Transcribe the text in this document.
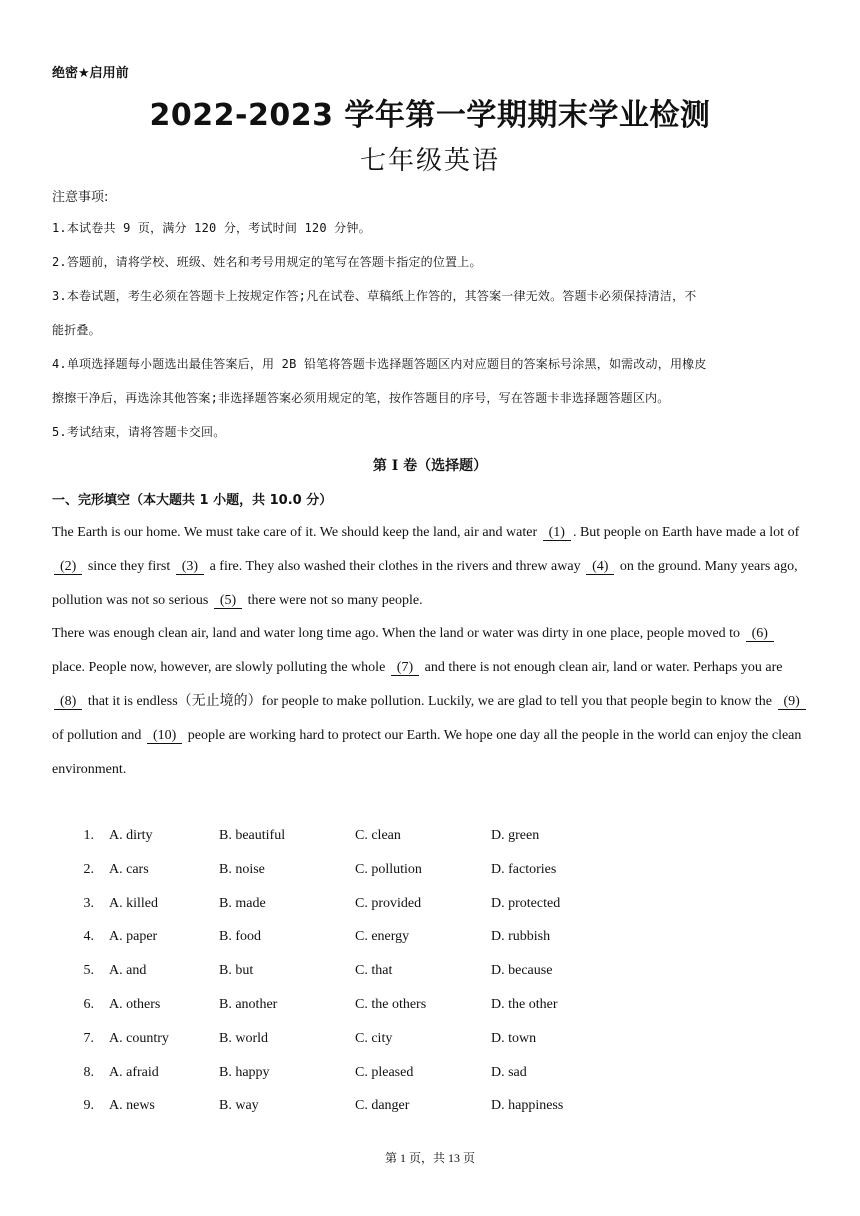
绝密★启用前
2022-2023 学年第一学期期末学业检测
七年级英语
注意事项:

1.本试卷共 9 页，满分 120 分，考试时间 120 分钟。

2.答题前，请将学校、班级、姓名和考号用规定的笔写在答题卡指定的位置上。

3.本卷试题，考生必须在答题卡上按规定作答;凡在试卷、草稿纸上作答的，其答案一律无效。答题卡必须保持清洁，不

能折叠。

4.单项选择题每小题选出最佳答案后，用 2B 铅笔将答题卡选择题答题区内对应题目的答案标号涂黑，如需改动，用橡皮

擦擦干净后，再选涂其他答案;非选择题答案必须用规定的笔，按作答题目的序号，写在答题卡非选择题答题区内。

5.考试结束，请将答题卡交回。

第 I 卷（选择题）
一、完形填空（本大题共 1 小题，共 10.0 分）

The Earth is our home. We must take care of it. We should keep the land, air and water (1) . But people on Earth have made a lot of (2) since they first (3) a fire. They also washed their clothes in the rivers and threw away (4) on the ground. Many years ago, pollution was not so serious (5) there were not so many people.

There was enough clean air, land and water long time ago. When the land or water was dirty in one place, people moved to (6) place. People now, however, are slowly polluting the whole (7) and there is not enough clean air, land or water. Perhaps you are (8) that it is endless（无止境的）for people to make pollution. Luckily, we are glad to tell you that people begin to know the (9) of pollution and (10) people are working hard to protect our Earth. We hope one day all the people in the world can enjoy the clean environment.

1. A. dirty	B. beautiful	C. clean	D. green
2. A. cars	B. noise	C. pollution	D. factories
3. A. killed	B. made	C. provided	D. protected
4. A. paper	B. food	C. energy	D. rubbish
5. A. and	B. but	C. that	D. because
6. A. others	B. another	C. the others	D. the other
7. A. country	B. world	C. city	D. town
8. A. afraid	B. happy	C. pleased	D. sad
9. A. news	B. way	C. danger	D. happiness
第 1 页，共 13 页
